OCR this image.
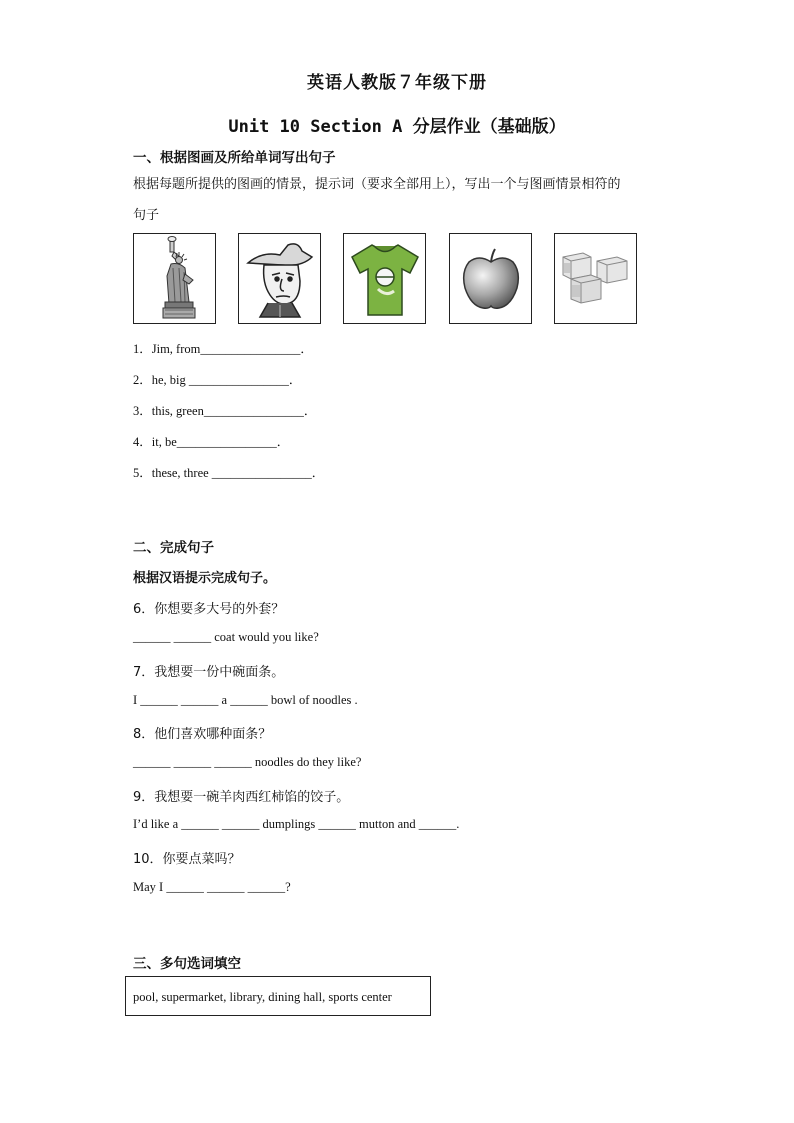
英语人教版７年级下册
Unit 10 Section A 分层作业（基础版）
一、根据图画及所给单词写出句子
根据每题所提供的图画的情景，提示词（要求全部用上），写出一个与图画情景相符的
句子
1．Jim, from________________．
2．he, big ________________．
3．this, green________________．
4．it, be________________．
5．these, three ________________．
二、完成句子
根据汉语提示完成句子。
6．你想要多大号的外套？
______ ______ coat would you like?
7．我想要一份中碗面条。
I ______ ______ a ______ bowl of noodles .
8．他们喜欢哪种面条？
______ ______ ______ noodles do they like?
9．我想要一碗羊肉西红柿馅的饺子。
I’d like a ______ ______ dumplings ______ mutton and ______.
10．你要点菜吗？
May I ______ ______ ______?
三、多句选词填空
pool, supermarket, library, dining hall, sports center
